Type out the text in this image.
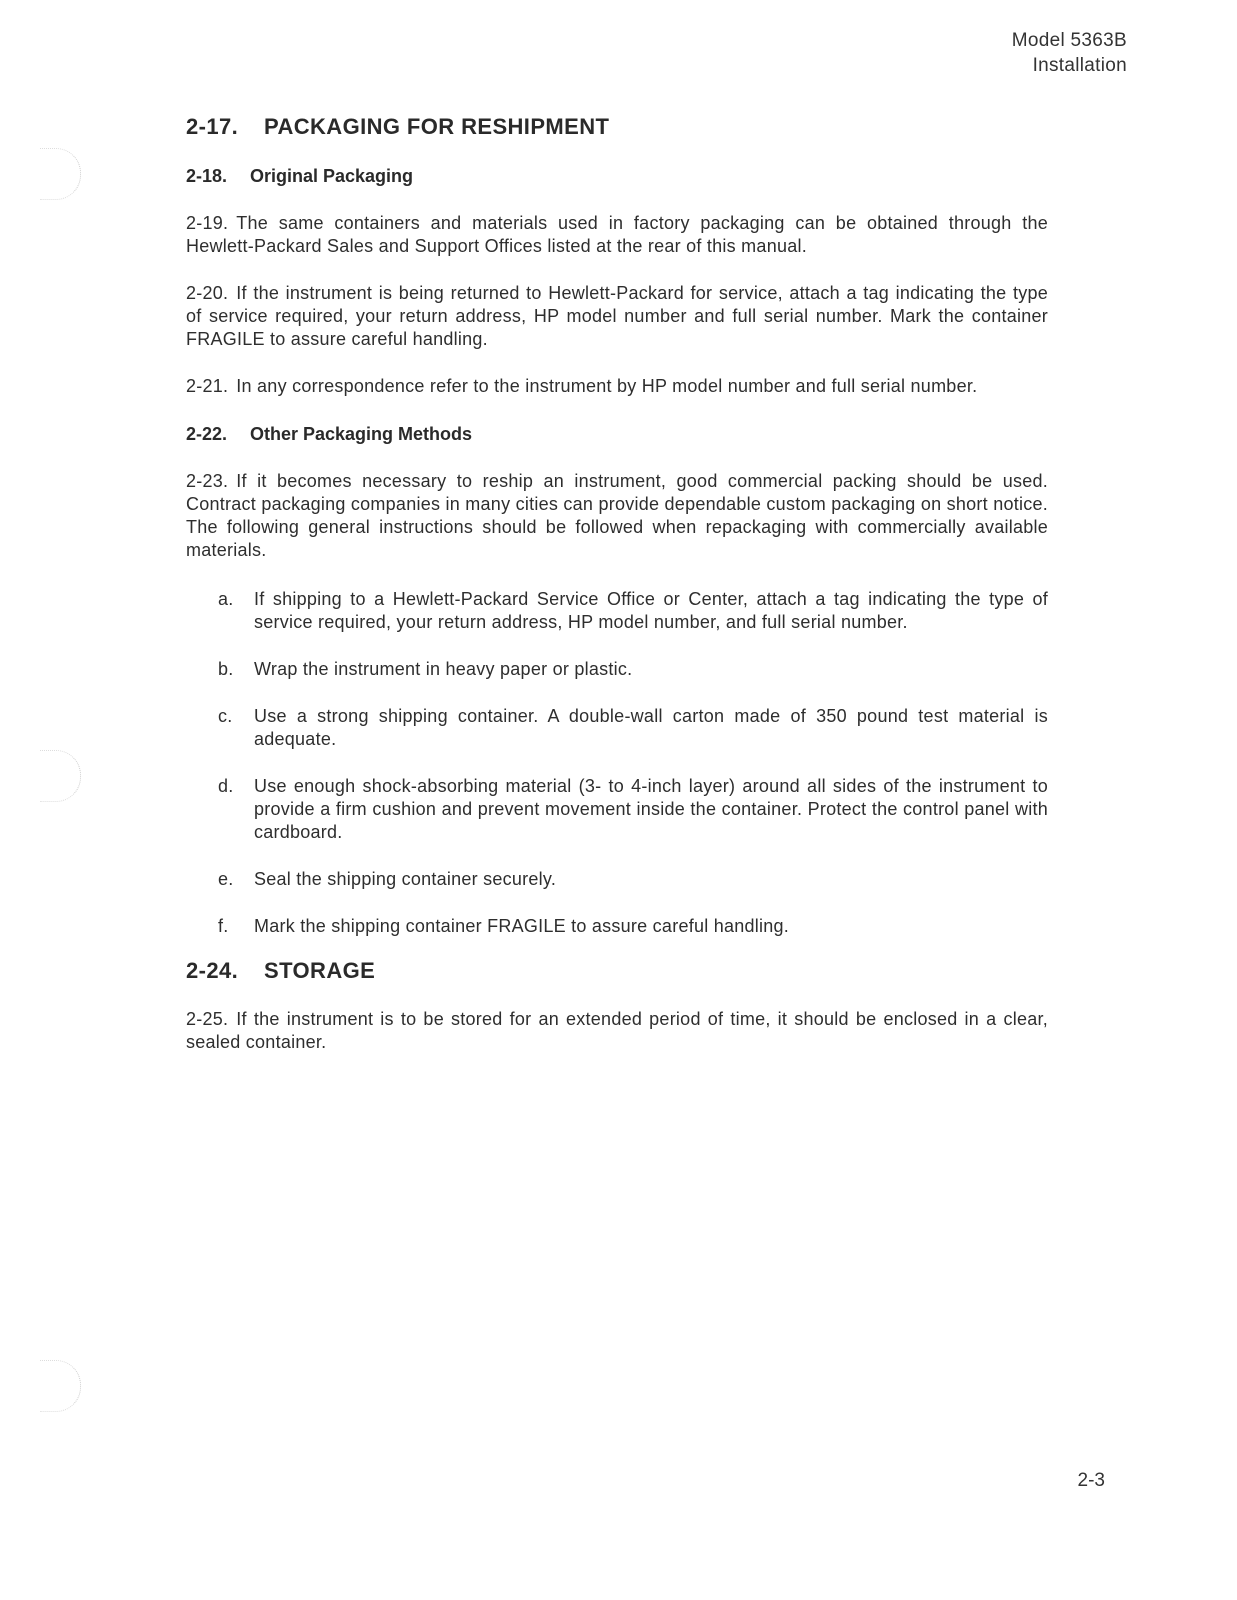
Model 5363B
Installation
2-17. PACKAGING FOR RESHIPMENT
2-18. Original Packaging

2-19. The same containers and materials used in factory packaging can be obtained through the Hewlett-Packard Sales and Support Offices listed at the rear of this manual.

2-20. If the instrument is being returned to Hewlett-Packard for service, attach a tag indicating the type of service required, your return address, HP model number and full serial number. Mark the container FRAGILE to assure careful handling.

2-21. In any correspondence refer to the instrument by HP model number and full serial number.

2-22. Other Packaging Methods

2-23. If it becomes necessary to reship an instrument, good commercial packing should be used. Contract packaging companies in many cities can provide dependable custom packaging on short notice. The following general instructions should be followed when repackaging with commercially available materials.

a. If shipping to a Hewlett-Packard Service Office or Center, attach a tag indicating the type of service required, your return address, HP model number, and full serial number.
b. Wrap the instrument in heavy paper or plastic.
c. Use a strong shipping container. A double-wall carton made of 350 pound test material is adequate.
d. Use enough shock-absorbing material (3- to 4-inch layer) around all sides of the instrument to provide a firm cushion and prevent movement inside the container. Protect the control panel with cardboard.
e. Seal the shipping container securely.
f. Mark the shipping container FRAGILE to assure careful handling.
2-24. STORAGE

2-25. If the instrument is to be stored for an extended period of time, it should be enclosed in a clear, sealed container.

2-3
